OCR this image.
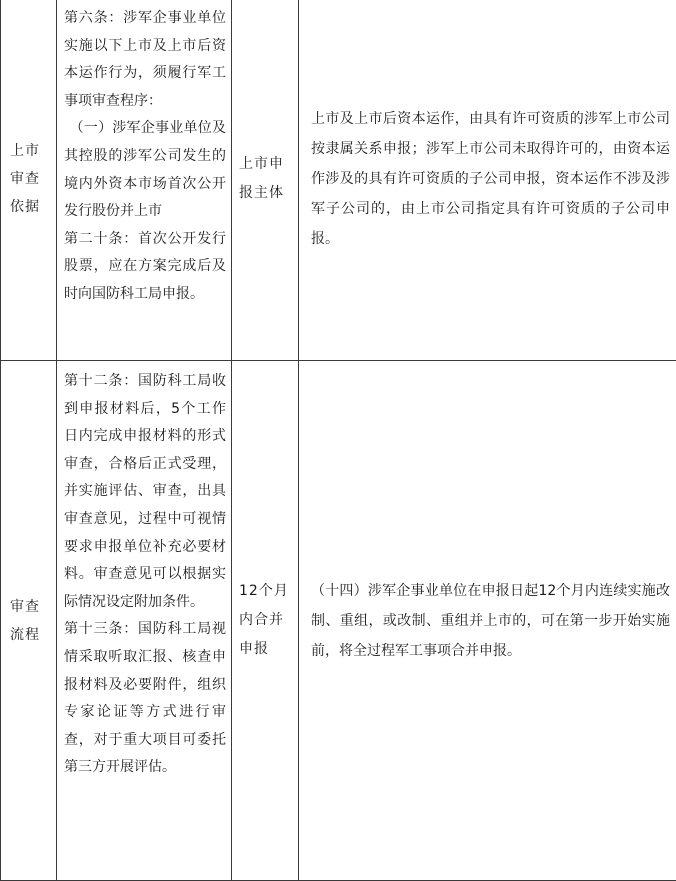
上市审查依据	第六条：涉军企事业单位实施以下上市及上市后资本运作行为，须履行军工事项审查程序：

（一）涉军企事业单位及其控股的涉军公司发生的境内外资本市场首次公开发行股份并上市

第二十条：首次公开发行股票，应在方案完成后及时向国防科工局申报。	上市申报主体	上市及上市后资本运作，由具有许可资质的涉军上市公司按隶属关系申报；涉军上市公司未取得许可的，由资本运作涉及的具有许可资质的子公司申报，资本运作不涉及涉军子公司的，由上市公司指定具有许可资质的子公司申报。

审查流程	第十二条：国防科工局收到申报材料后，5个工作日内完成申报材料的形式审查，合格后正式受理，并实施评估、审查，出具审查意见，过程中可视情要求申报单位补充必要材料。审查意见可以根据实际情况设定附加条件。

第十三条：国防科工局视情采取听取汇报、核查申报材料及必要附件，组织专家论证等方式进行审查，对于重大项目可委托第三方开展评估。	12个月内合并申报	（十四）涉军企事业单位在申报日起12个月内连续实施改制、重组，或改制、重组并上市的，可在第一步开始实施前，将全过程军工事项合并申报。
